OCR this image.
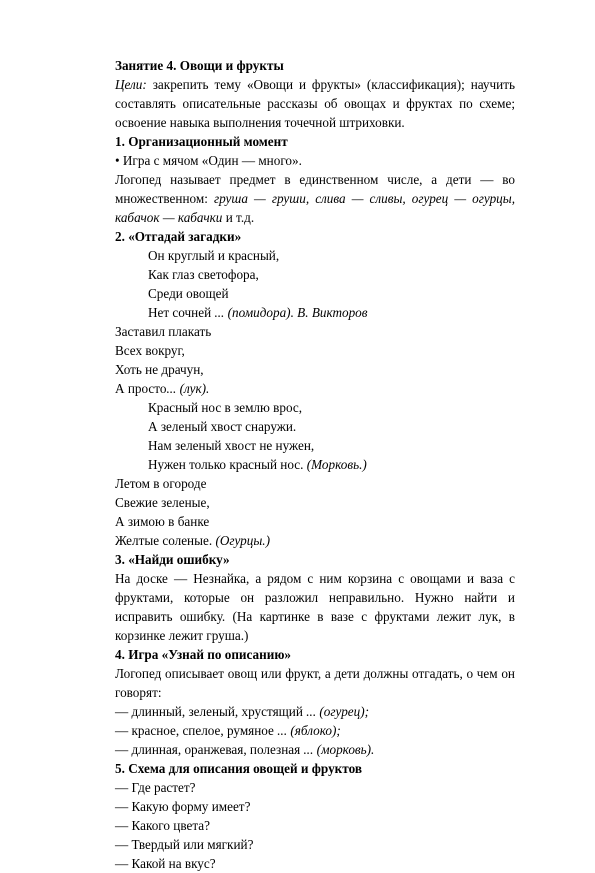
Занятие 4. Овощи и фрукты

Цели: закрепить тему «Овощи и фрукты» (классификация); научить составлять описательные рассказы об овощах и фруктах по схеме; освоение навыка выполнения точечной штриховки.

1. Организационный момент

• Игра с мячом «Один — много».

Логопед называет предмет в единственном числе, а дети — во множественном: груша — груши, слива — сливы, огурец — огурцы, кабачок — кабачки и т.д.

2. «Отгадай загадки»

Он круглый и красный,

Как глаз светофора,

Среди овощей

Нет сочней ... (помидора). В. Викторов

Заставил плакать

Всех вокруг,

Хоть не драчун,

А просто... (лук).

Красный нос в землю врос,

А зеленый хвост снаружи.

Нам зеленый хвост не нужен,

Нужен только красный нос. (Морковь.)

Летом в огороде

Свежие зеленые,

А зимою в банке

Желтые соленые. (Огурцы.)

3. «Найди ошибку»

На доске — Незнайка, а рядом с ним корзина с овощами и ваза с фруктами, которые он разложил неправильно. Нужно найти и исправить ошибку. (На картинке в вазе с фруктами лежит лук, в корзинке лежит груша.)

4. Игра «Узнай по описанию»

Логопед описывает овощ или фрукт, а дети должны отгадать, о чем он говорят:

— длинный, зеленый, хрустящий ... (огурец);

— красное, спелое, румяное ... (яблоко);

— длинная, оранжевая, полезная ... (морковь).

5. Схема для описания овощей и фруктов

— Где растет?

— Какую форму имеет?

— Какого цвета?

— Твердый или мягкий?

— Какой на вкус?
